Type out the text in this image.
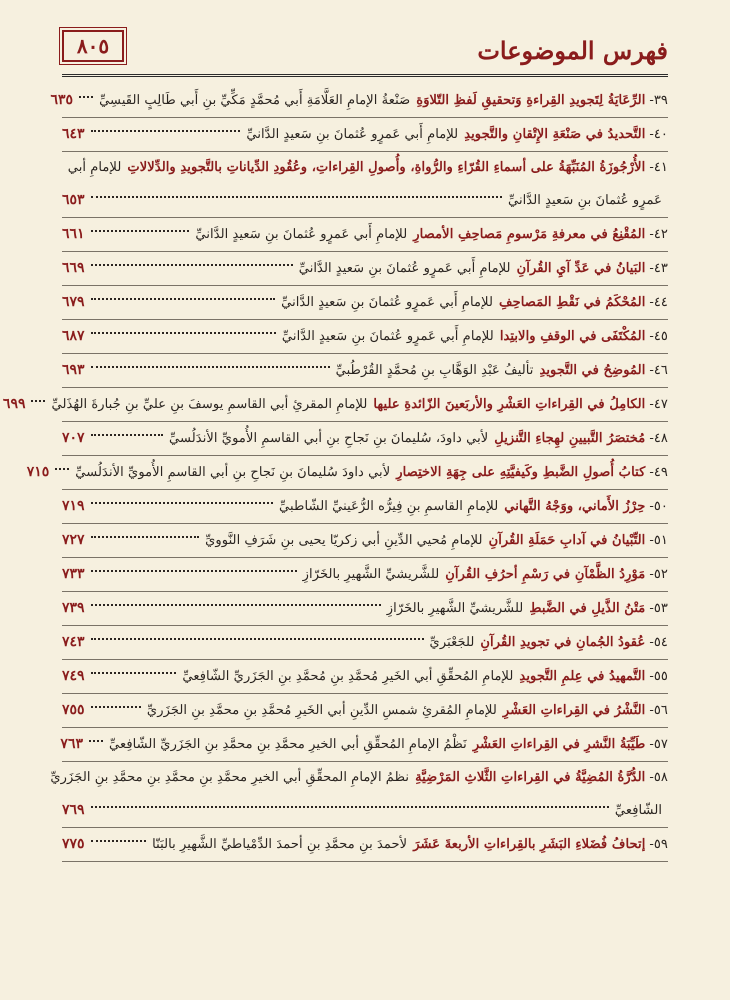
٨٠٥	فهرس الموضوعات
٣٩-
الرِّعَايَةُ لِتَجويدِ القِراءةِ وَتحقيقِ لَفظِ التّلاوَةِ
صَنْعةُ الإمامِ العَلَّامَةِ أَبي مُحمَّدٍ مَكِّيِّ بنِ أَبي طَالِبٍ القَيسِيِّ
٦٣٥
٤٠-
التَّحديدُ في صَنْعَةِ الإِتْقانِ والتَّجويدِ
للإمامِ أَبي عَمرٍو عُثمانَ بنِ سَعيدٍ الدَّانيِّ
٦٤٣
٤١-
الأُرْجُوزَةُ المُنَبِّهَةُ على أسماءِ القُرّاءِ والرُّواةِ، وأُصولِ القِراءاتِ، وعُقُودِ الدِّياناتِ بالتَّجويدِ والدِّلالاتِ
للإمامِ أبي
عَمرٍو عُثمانَ بنِ سَعيدٍ الدَّانيِّ
٦٥٣
٤٢-
المُقْنِعُ في معرفةِ مَرْسومِ مَصاحِفِ الأمصارِ
للإمامِ أَبي عَمرٍو عُثمانَ بنِ سَعيدٍ الدَّانيِّ
٦٦١
٤٣-
البَيانُ في عَدِّ آيِ القُرآنِ
للإمامِ أَبي عَمرٍو عُثمانَ بنِ سَعيدٍ الدَّانيِّ
٦٦٩
٤٤-
المُحْكَمُ في نَقْطِ المَصاحِفِ
للإمامِ أَبي عَمرٍو عُثمانَ بنِ سَعيدٍ الدَّانيِّ
٦٧٩
٤٥-
المُكْتَفَى في الوقفِ والابتِدا
للإمامِ أَبي عَمرٍو عُثمانَ بنِ سَعيدٍ الدَّانيِّ
٦٨٧
٤٦-
المُوضِحُ في التَّجويدِ
تأليفُ عَبْدِ الوَهَّابِ بنِ مُحمَّدٍ القُرْطُبيِّ
٦٩٣
٤٧-
الكامِلُ في القِراءاتِ العَشْرِ والأربَعينَ الزّائدةِ عليها
للإمامِ المقرئِ أبي القاسمِ يوسفَ بنِ عليِّ بنِ جُبارةَ الهُذَليِّ
٦٩٩
٤٨-
مُختصَرُ التَّبيينِ لهِجاءِ التَّنزيلِ
لأبي داودَ، سُليمانَ بنِ نَجاحِ بنِ أبي القاسمِ الأُمويِّ الأندَلُسيِّ
٧٠٧
٤٩-
كتابُ أُصولِ الضَّبطِ وكَيفيَّتِهِ على جِهَةِ الاختِصارِ
لأبي داودَ سُليمانَ بنِ نَجاحِ بنِ أبي القاسمِ الأُمويِّ الأندَلُسيِّ
٧١٥
٥٠-
حِرْزُ الأَماني، ووَجْهُ التَّهاني
للإمامِ القاسمِ بنِ فِيرُّه الرُّعَينيِّ الشّاطبيِّ
٧١٩
٥١-
التِّبْيانُ في آدابِ حَمَلَةِ القُرآنِ
للإمامِ مُحيي الدِّينِ أبي زكريّا يحيى بنِ شَرَفِ النَّوويِّ
٧٢٧
٥٢-
مَوْرِدُ الظَّمْآنِ في رَسْمِ أحرُفِ القُرآنِ
للشَّريشيِّ الشَّهيرِ بالخَرّازِ
٧٣٣
٥٣-
مَتْنُ الذَّيلِ في الضَّبطِ
للشَّريشيِّ الشَّهيرِ بالخَرّازِ
٧٣٩
٥٤-
عُقودُ الجُمانِ في تجويدِ القُرآنِ
للجَعْبَريِّ
٧٤٣
٥٥-
التَّمهيدُ في عِلمِ التَّجويدِ
للإمامِ المُحقِّقِ أبي الخَيرِ مُحمَّدِ بنِ مُحمَّدِ بنِ الجَزَريِّ الشّافِعيِّ
٧٤٩
٥٦-
النَّشْرُ في القِراءاتِ العَشْرِ
للإمامِ المُقرئِ شمسِ الدِّينِ أبي الخَيرِ مُحمَّدِ بنِ محمَّدِ بنِ الجَزَريِّ
٧٥٥
٥٧-
طَيِّبَةُ النَّشرِ في القِراءاتِ العَشْرِ
نَظْمُ الإمامِ المُحقِّقِ أبي الخيرِ محمَّدِ بنِ محمَّدِ بنِ الجَزَريِّ الشّافِعيِّ
٧٦٣
٥٨-
الدُّرَّةُ المُضِيَّةُ في القِراءاتِ الثَّلاثِ المَرْضِيَّةِ
نظمُ الإمامِ المحقِّقِ أبي الخيرِ محمَّدِ بنِ محمَّدِ بنِ محمَّدِ بنِ الجَزَريِّ
الشّافِعيِّ
٧٦٩
٥٩-
إتحافُ فُضَلاءِ البَشَرِ بالقِراءاتِ الأربعةَ عَشَرَ
لأحمدَ بنِ محمَّدِ بنِ أحمدَ الدِّمْياطيِّ الشَّهيرِ بالبَنّا
٧٧٥
